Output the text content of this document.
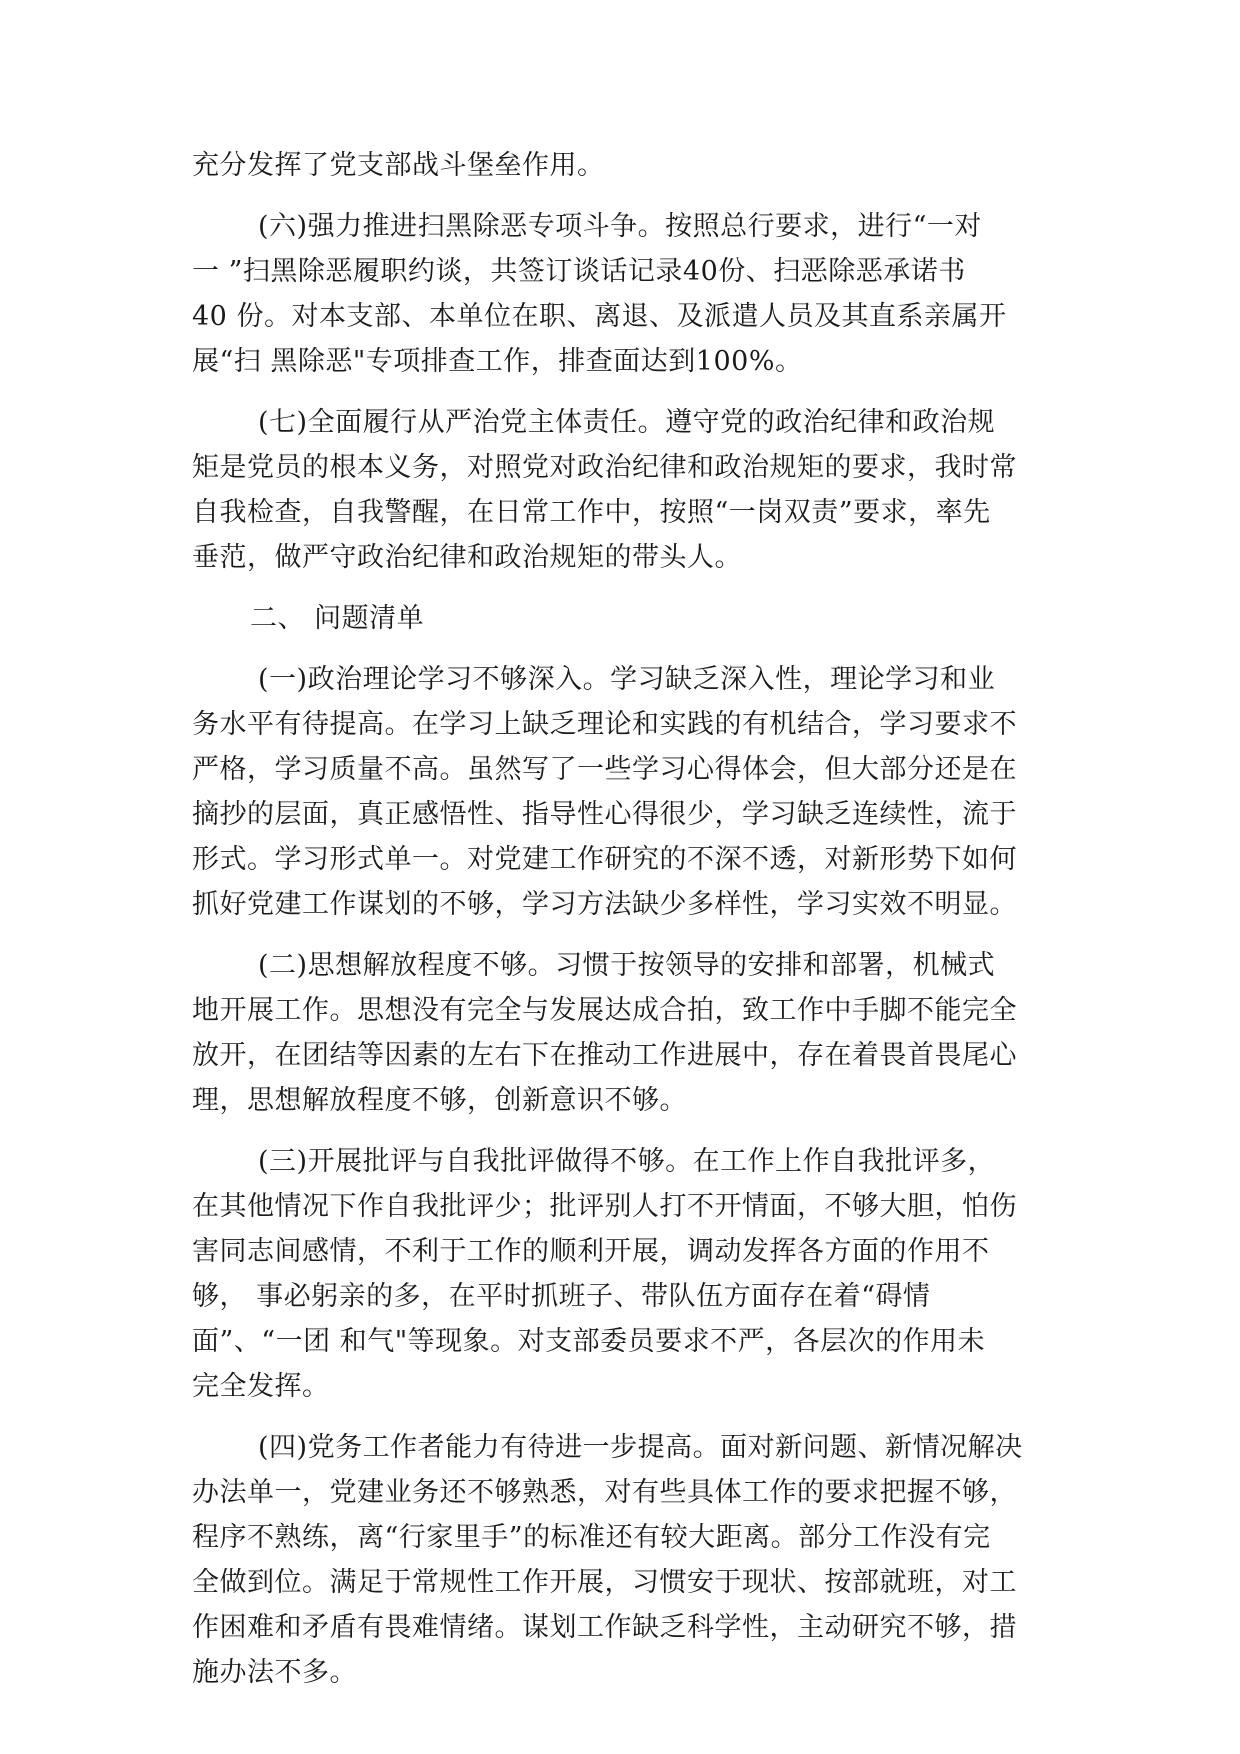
充分发挥了党支部战斗堡垒作用。
(六)强力推进扫黑除恶专项斗争。按照总行要求，进行“一对
一 ”扫黑除恶履职约谈，共签订谈话记录40份、扫恶除恶承诺书
40 份。对本支部、本单位在职、离退、及派遣人员及其直系亲属开
展“扫 黑除恶"专项排查工作，排查面达到100%。
(七)全面履行从严治党主体责任。遵守党的政治纪律和政治规
矩是党员的根本义务，对照党对政治纪律和政治规矩的要求，我时常
自我检查，自我警醒，在日常工作中，按照“一岗双责”要求，率先
垂范，做严守政治纪律和政治规矩的带头人。
二、 问题清单
(一)政治理论学习不够深入。学习缺乏深入性，理论学习和业
务水平有待提高。在学习上缺乏理论和实践的有机结合，学习要求不
严格，学习质量不高。虽然写了一些学习心得体会，但大部分还是在
摘抄的层面，真正感悟性、指导性心得很少，学习缺乏连续性，流于
形式。学习形式单一。对党建工作研究的不深不透，对新形势下如何
抓好党建工作谋划的不够，学习方法缺少多样性，学习实效不明显。
(二)思想解放程度不够。习惯于按领导的安排和部署，机械式
地开展工作。思想没有完全与发展达成合拍，致工作中手脚不能完全
放开，在团结等因素的左右下在推动工作进展中，存在着畏首畏尾心
理，思想解放程度不够，创新意识不够。
(三)开展批评与自我批评做得不够。在工作上作自我批评多，
在其他情况下作自我批评少；批评别人打不开情面，不够大胆，怕伤
害同志间感情，不利于工作的顺利开展，调动发挥各方面的作用不
够， 事必躬亲的多，在平时抓班子、带队伍方面存在着“碍情
面”、“一团 和气"等现象。对支部委员要求不严，各层次的作用未
完全发挥。
(四)党务工作者能力有待进一步提高。面对新问题、新情况解决
办法单一，党建业务还不够熟悉，对有些具体工作的要求把握不够，
程序不熟练，离“行家里手”的标准还有较大距离。部分工作没有完
全做到位。满足于常规性工作开展，习惯安于现状、按部就班，对工
作困难和矛盾有畏难情绪。谋划工作缺乏科学性，主动研究不够，措
施办法不多。
